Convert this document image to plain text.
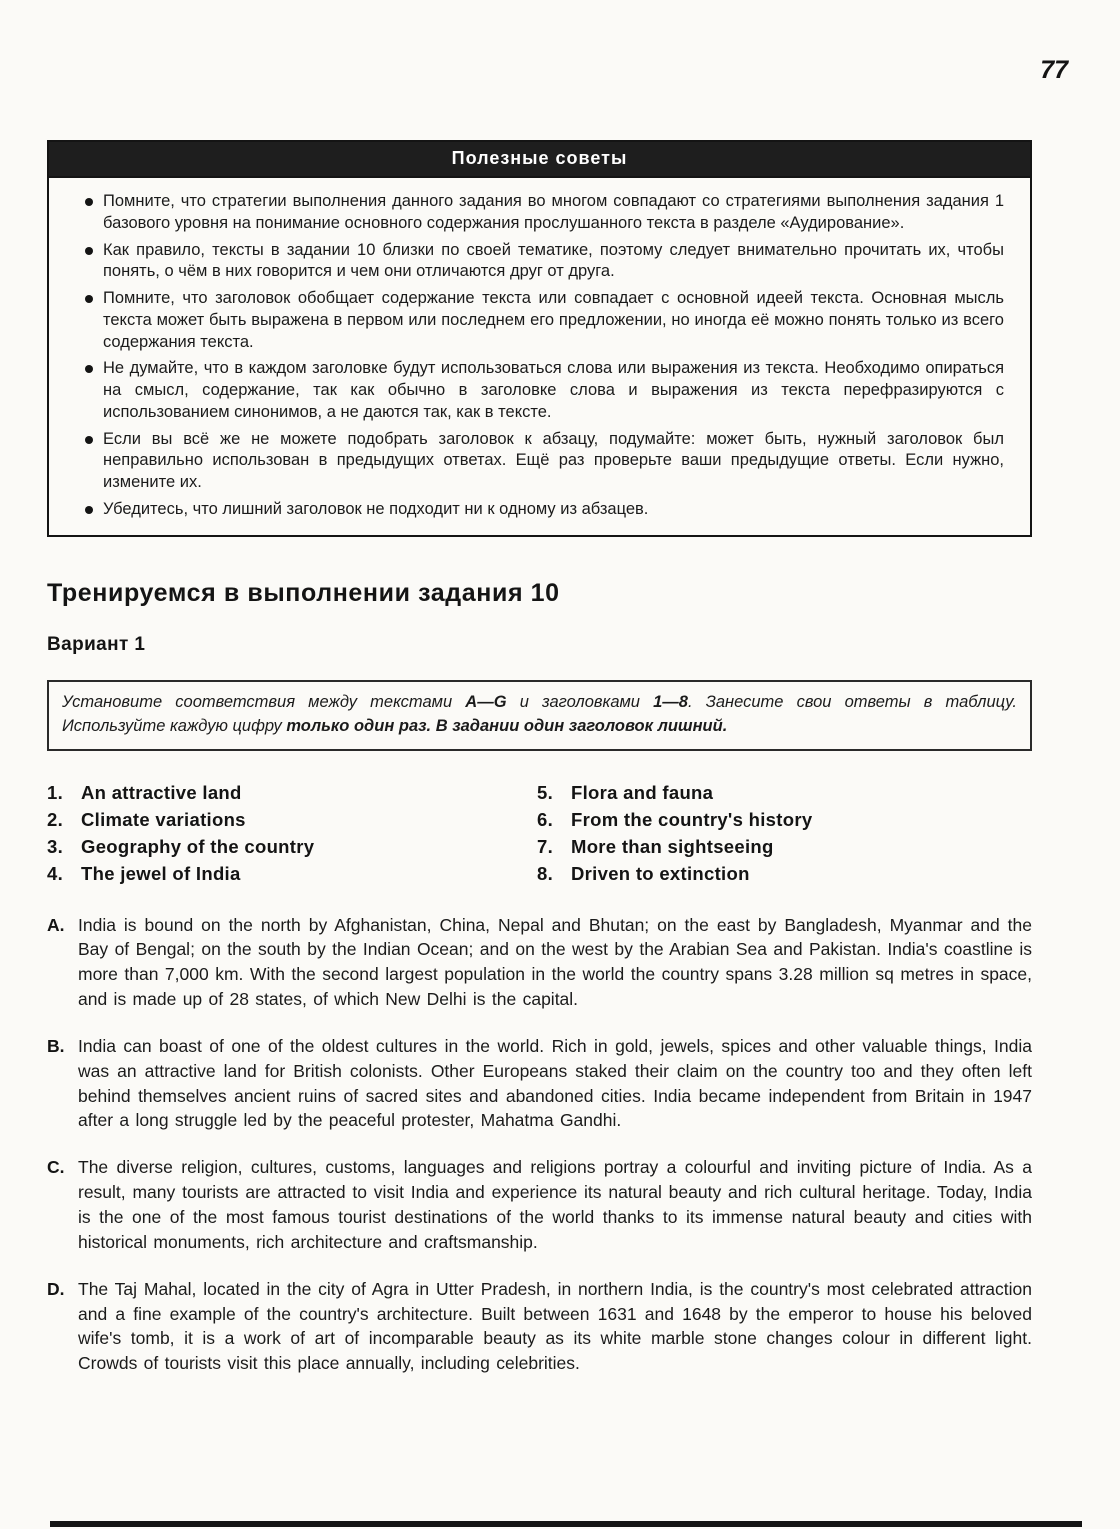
77
Полезные советы
Помните, что стратегии выполнения данного задания во многом совпадают со стратегиями выполнения задания 1 базового уровня на понимание основного содержания прослушанного текста в разделе «Аудирование».
Как правило, тексты в задании 10 близки по своей тематике, поэтому следует внимательно прочитать их, чтобы понять, о чём в них говорится и чем они отличаются друг от друга.
Помните, что заголовок обобщает содержание текста или совпадает с основной идеей текста. Основная мысль текста может быть выражена в первом или последнем его предложении, но иногда её можно понять только из всего содержания текста.
Не думайте, что в каждом заголовке будут использоваться слова или выражения из текста. Необходимо опираться на смысл, содержание, так как обычно в заголовке слова и выражения из текста перефразируются с использованием синонимов, а не даются так, как в тексте.
Если вы всё же не можете подобрать заголовок к абзацу, подумайте: может быть, нужный заголовок был неправильно использован в предыдущих ответах. Ещё раз проверьте ваши предыдущие ответы. Если нужно, измените их.
Убедитесь, что лишний заголовок не подходит ни к одному из абзацев.
Тренируемся в выполнении задания 10
Вариант 1
Установите соответствия между текстами A—G и заголовками 1—8. Занесите свои ответы в таблицу. Используйте каждую цифру только один раз. В задании один заголовок лишний.
1. An attractive land
2. Climate variations
3. Geography of the country
4. The jewel of India
5. Flora and fauna
6. From the country's history
7. More than sightseeing
8. Driven to extinction
A. India is bound on the north by Afghanistan, China, Nepal and Bhutan; on the east by Bangladesh, Myanmar and the Bay of Bengal; on the south by the Indian Ocean; and on the west by the Arabian Sea and Pakistan. India's coastline is more than 7,000 km. With the second largest population in the world the country spans 3.28 million sq metres in space, and is made up of 28 states, of which New Delhi is the capital.
B. India can boast of one of the oldest cultures in the world. Rich in gold, jewels, spices and other valuable things, India was an attractive land for British colonists. Other Europeans staked their claim on the country too and they often left behind themselves ancient ruins of sacred sites and abandoned cities. India became independent from Britain in 1947 after a long struggle led by the peaceful protester, Mahatma Gandhi.
C. The diverse religion, cultures, customs, languages and religions portray a colourful and inviting picture of India. As a result, many tourists are attracted to visit India and experience its natural beauty and rich cultural heritage. Today, India is the one of the most famous tourist destinations of the world thanks to its immense natural beauty and cities with historical monuments, rich architecture and craftsmanship.
D. The Taj Mahal, located in the city of Agra in Utter Pradesh, in northern India, is the country's most celebrated attraction and a fine example of the country's architecture. Built between 1631 and 1648 by the emperor to house his beloved wife's tomb, it is a work of art of incomparable beauty as its white marble stone changes colour in different light. Crowds of tourists visit this place annually, including celebrities.
